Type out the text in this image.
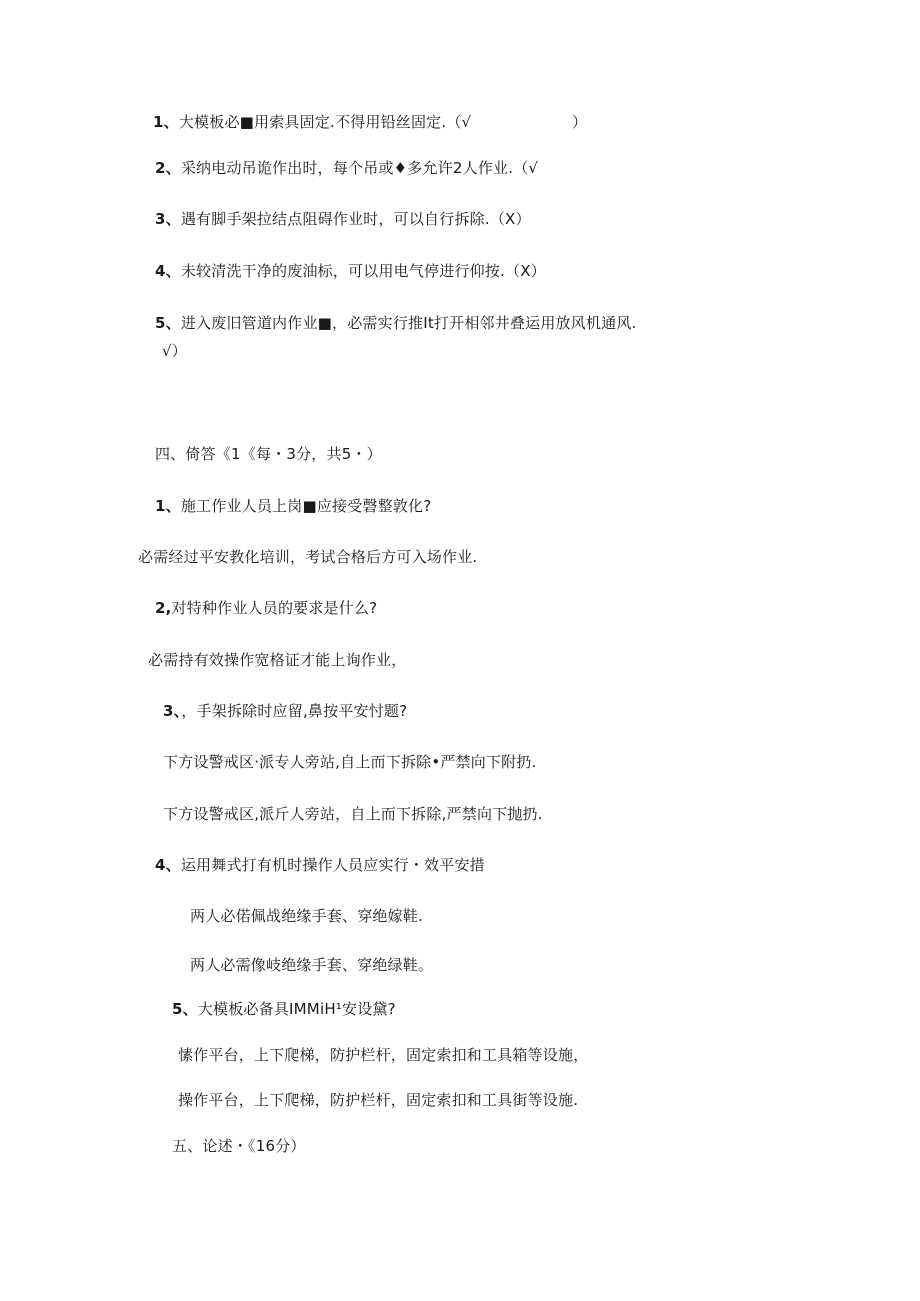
1、大模板必■用索具固定.不得用铅丝固定.（√	）
2、采纳电动吊诡作出时，每个吊或♦多允许2人作业.（√
3、遇有脚手架拉结点阻碍作业时，可以自行拆除.（X）
4、未较清洗干净的废油标，可以用电气停进行仰按.（X）
5、进入废旧管道内作业■，必需实行推It打开相邻井叠运用放风机通风.
√）
四、倚答《1《每・3分，共5・）
1、施工作业人员上岗■应接受磬整敦化?
必需经过平安教化培训，考试合格后方可入场作业.
2,对特种作业人员的要求是什么?
必需持有效操作宽格证才能上询作业，
3、，手架拆除时应留,鼻按平安忖题?
下方设警戒区·派专人旁站,自上而下拆除•严禁向下附扔.
下方设警戒区,派斤人旁站，自上而下拆除,严禁向下抛扔.
4、运用舞式打有机时操作人员应实行・效平安措
两人必偌佩战绝缘手套、穿绝嫁鞋.
两人必需像岐绝缘手套、穿绝绿鞋。
5、大模板必备具IMMiH¹安设黛?
愫作平台，上下爬梯，防护栏杆，固定索扣和工具箱等设施，
操作平台，上下爬梯，防护栏杆，固定索扣和工具街等设施.
五、论述・《16分）
